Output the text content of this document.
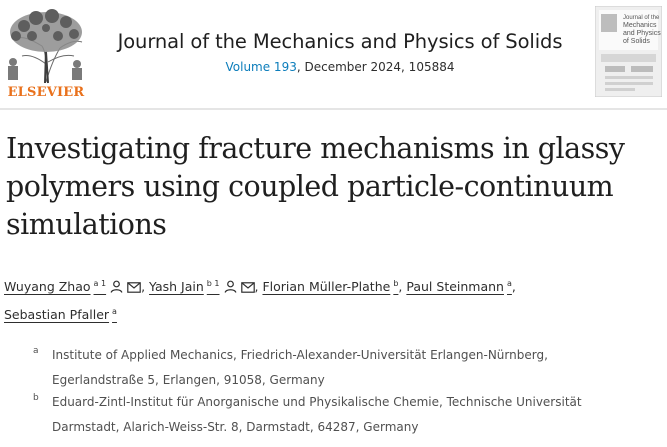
ELSEVIER
Journal of the Mechanics and Physics of Solids
Volume 193, December 2024, 105884
Journal of the
Mechanics
and Physics
of Solids
Investigating fracture mechanisms in glassy polymers using coupled particle-continuum simulations
Wuyang Zhao $^{a 1}$	, Yash Jain $^{b 1}$	, Florian Müller-Plathe $^b$, Paul Steinmann $^a$,
Sebastian Pfaller $^a$
a Institute of Applied Mechanics, Friedrich-Alexander-Universität Erlangen-Nürnberg,
Egerlandstraße 5, Erlangen, 91058, Germany
b Eduard-Zintl-Institut für Anorganische und Physikalische Chemie, Technische Universität
Darmstadt, Alarich-Weiss-Str. 8, Darmstadt, 64287, Germany
